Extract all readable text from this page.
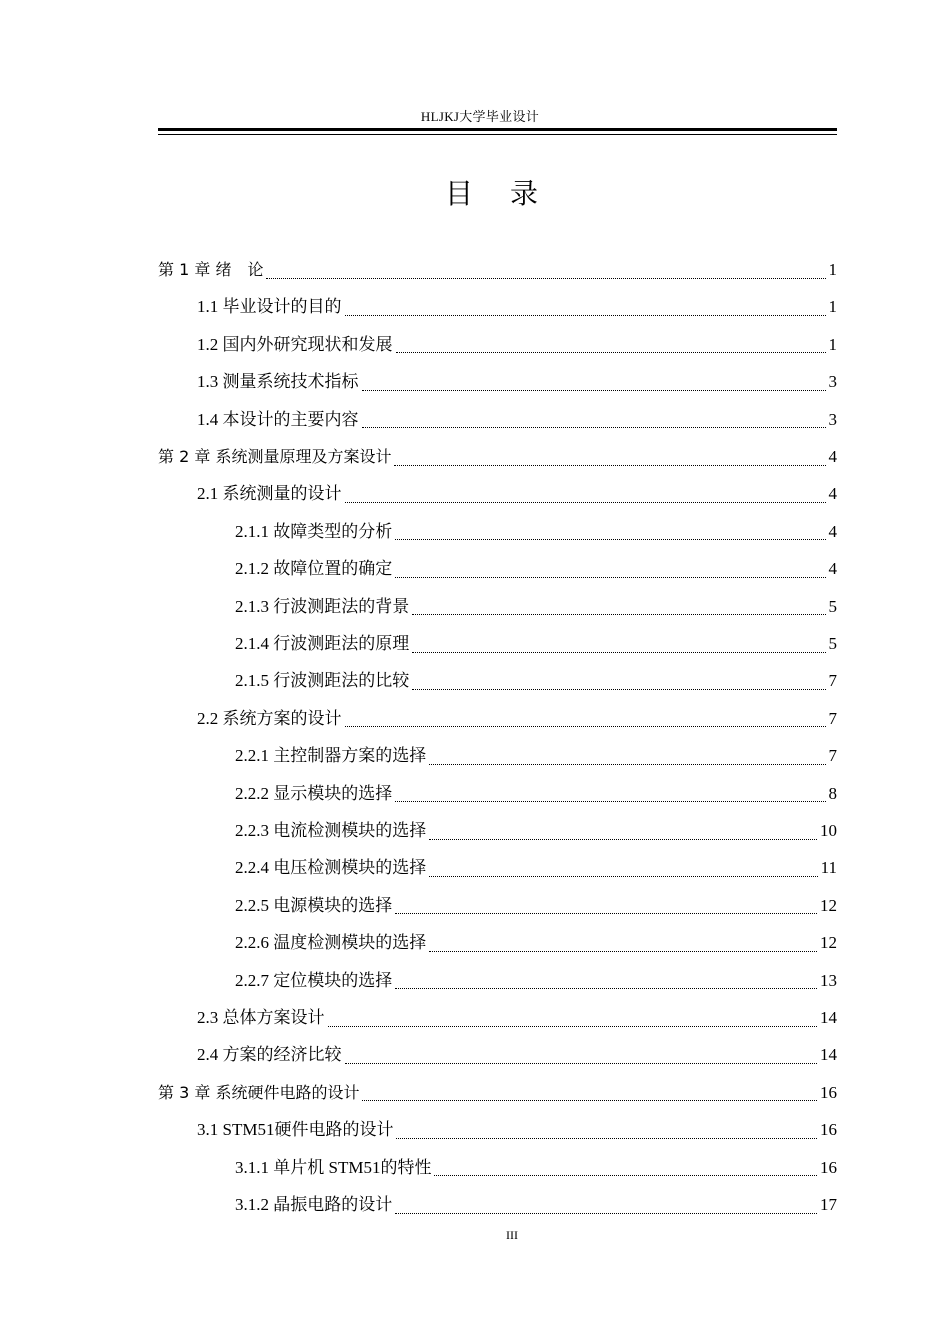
HLJKJ大学毕业设计
目 录
第 1 章 绪　论	1
1.1 毕业设计的目的	1
1.2 国内外研究现状和发展	1
1.3 测量系统技术指标	3
1.4 本设计的主要内容	3
第 2 章 系统测量原理及方案设计	4
2.1 系统测量的设计	4
2.1.1 故障类型的分析	4
2.1.2 故障位置的确定	4
2.1.3 行波测距法的背景	5
2.1.4 行波测距法的原理	5
2.1.5 行波测距法的比较	7
2.2 系统方案的设计	7
2.2.1 主控制器方案的选择	7
2.2.2 显示模块的选择	8
2.2.3 电流检测模块的选择	10
2.2.4 电压检测模块的选择	11
2.2.5 电源模块的选择	12
2.2.6 温度检测模块的选择	12
2.2.7 定位模块的选择	13
2.3 总体方案设计	14
2.4 方案的经济比较	14
第 3 章 系统硬件电路的设计	16
3.1 STM51硬件电路的设计	16
3.1.1 单片机 STM51的特性	16
3.1.2 晶振电路的设计	17
III
